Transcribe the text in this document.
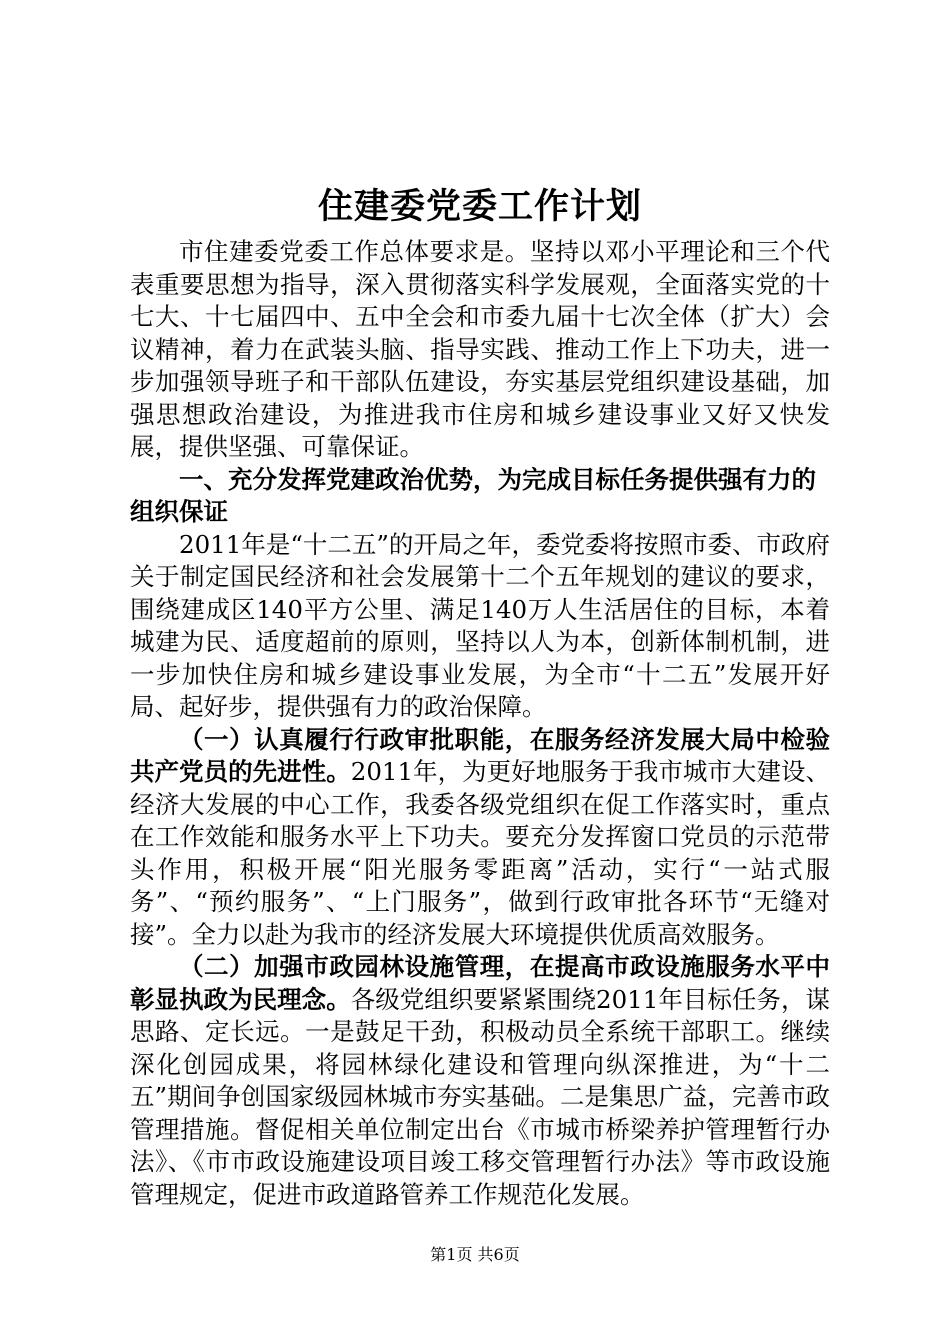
住建委党委工作计划

市住建委党委工作总体要求是。坚持以邓小平理论和三个代表重要思想为指导，深入贯彻落实科学发展观，全面落实党的十七大、十七届四中、五中全会和市委九届十七次全体（扩大）会议精神，着力在武装头脑、指导实践、推动工作上下功夫，进一步加强领导班子和干部队伍建设，夯实基层党组织建设基础，加强思想政治建设，为推进我市住房和城乡建设事业又好又快发展，提供坚强、可靠保证。

一、充分发挥党建政治优势，为完成目标任务提供强有力的组织保证

2011年是“十二五”的开局之年，委党委将按照市委、市政府关于制定国民经济和社会发展第十二个五年规划的建议的要求，围绕建成区140平方公里、满足140万人生活居住的目标，本着城建为民、适度超前的原则，坚持以人为本，创新体制机制，进一步加快住房和城乡建设事业发展，为全市“十二五”发展开好局、起好步，提供强有力的政治保障。

（一）认真履行行政审批职能，在服务经济发展大局中检验共产党员的先进性。2011年，为更好地服务于我市城市大建设、经济大发展的中心工作，我委各级党组织在促工作落实时，重点在工作效能和服务水平上下功夫。要充分发挥窗口党员的示范带头作用，积极开展“阳光服务零距离”活动，实行“一站式服务”、“预约服务”、“上门服务”，做到行政审批各环节“无缝对接”。全力以赴为我市的经济发展大环境提供优质高效服务。

（二）加强市政园林设施管理，在提高市政设施服务水平中彰显执政为民理念。各级党组织要紧紧围绕2011年目标任务，谋思路、定长远。一是鼓足干劲，积极动员全系统干部职工。继续深化创园成果，将园林绿化建设和管理向纵深推进，为“十二五”期间争创国家级园林城市夯实基础。二是集思广益，完善市政管理措施。督促相关单位制定出台《市城市桥梁养护管理暂行办法》、《市市政设施建设项目竣工移交管理暂行办法》等市政设施管理规定，促进市政道路管养工作规范化发展。

第1页 共6页
